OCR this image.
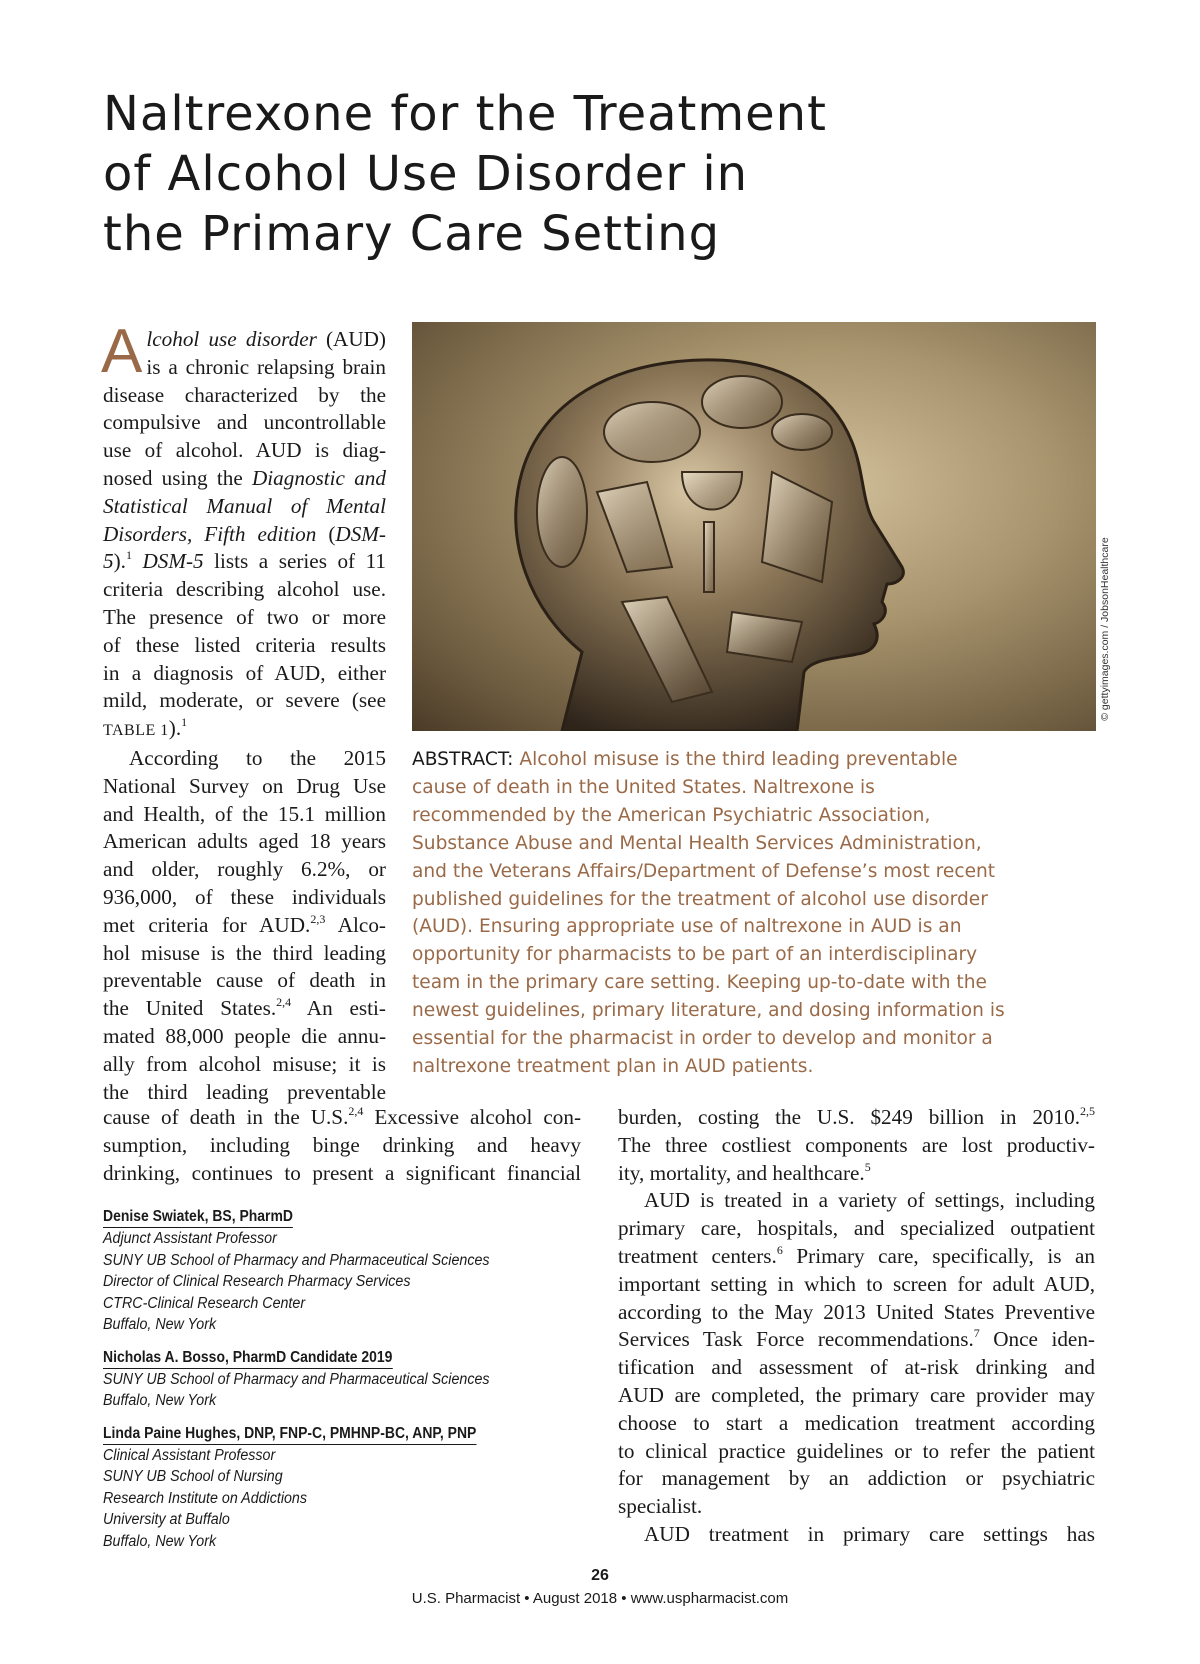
Naltrexone for the Treatment
of Alcohol Use Disorder in
the Primary Care Setting
A lcohol use disorder (AUD)
is a chronic relapsing brain
disease characterized by the
compulsive and uncontrollable
use of alcohol. AUD is diag-
nosed using the Diagnostic and
Statistical Manual of Mental
Disorders, Fifth edition (DSM-
5).$^1$ DSM-5 lists a series of 11
criteria describing alcohol use.
The presence of two or more
of these listed criteria results
in a diagnosis of AUD, either
mild, moderate, or severe (see
TABLE 1).$^1$
According to the 2015
National Survey on Drug Use
and Health, of the 15.1 million
American adults aged 18 years
and older, roughly 6.2%, or
936,000, of these individuals
met criteria for AUD.$^{2,3}$ Alco-
hol misuse is the third leading
preventable cause of death in
the United States.$^{2,4}$ An esti-
mated 88,000 people die annu-
ally from alcohol misuse; it is
the third leading preventable
cause of death in the U.S.$^{2,4}$ Excessive alcohol con-
sumption, including binge drinking and heavy
drinking, continues to present a significant financial
burden, costing the U.S. $249 billion in 2010.$^{2,5}$
The three costliest components are lost productiv-
ity, mortality, and healthcare.$^5$
AUD is treated in a variety of settings, including
primary care, hospitals, and specialized outpatient
treatment centers.$^6$ Primary care, specifically, is an
important setting in which to screen for adult AUD,
according to the May 2013 United States Preventive
Services Task Force recommendations.$^7$ Once iden-
tification and assessment of at-risk drinking and
AUD are completed, the primary care provider may
choose to start a medication treatment according
to clinical practice guidelines or to refer the patient
for management by an addiction or psychiatric
specialist.
AUD treatment in primary care settings has
© gettyimages.com / JobsonHealthcare
ABSTRACT: Alcohol misuse is the third leading preventable
cause of death in the United States. Naltrexone is
recommended by the American Psychiatric Association,
Substance Abuse and Mental Health Services Administration,
and the Veterans Affairs/Department of Defense’s most recent
published guidelines for the treatment of alcohol use disorder
(AUD). Ensuring appropriate use of naltrexone in AUD is an
opportunity for pharmacists to be part of an interdisciplinary
team in the primary care setting. Keeping up-to-date with the
newest guidelines, primary literature, and dosing information is
essential for the pharmacist in order to develop and monitor a
naltrexone treatment plan in AUD patients.
Denise Swiatek, BS, PharmD
Adjunct Assistant Professor
SUNY UB School of Pharmacy and Pharmaceutical Sciences
Director of Clinical Research Pharmacy Services
CTRC-Clinical Research Center
Buffalo, New York
Nicholas A. Bosso, PharmD Candidate 2019
SUNY UB School of Pharmacy and Pharmaceutical Sciences
Buffalo, New York
Linda Paine Hughes, DNP, FNP-C, PMHNP-BC, ANP, PNP
Clinical Assistant Professor
SUNY UB School of Nursing
Research Institute on Addictions
University at Buffalo
Buffalo, New York
26
U.S. Pharmacist • August 2018 • www.uspharmacist.com
